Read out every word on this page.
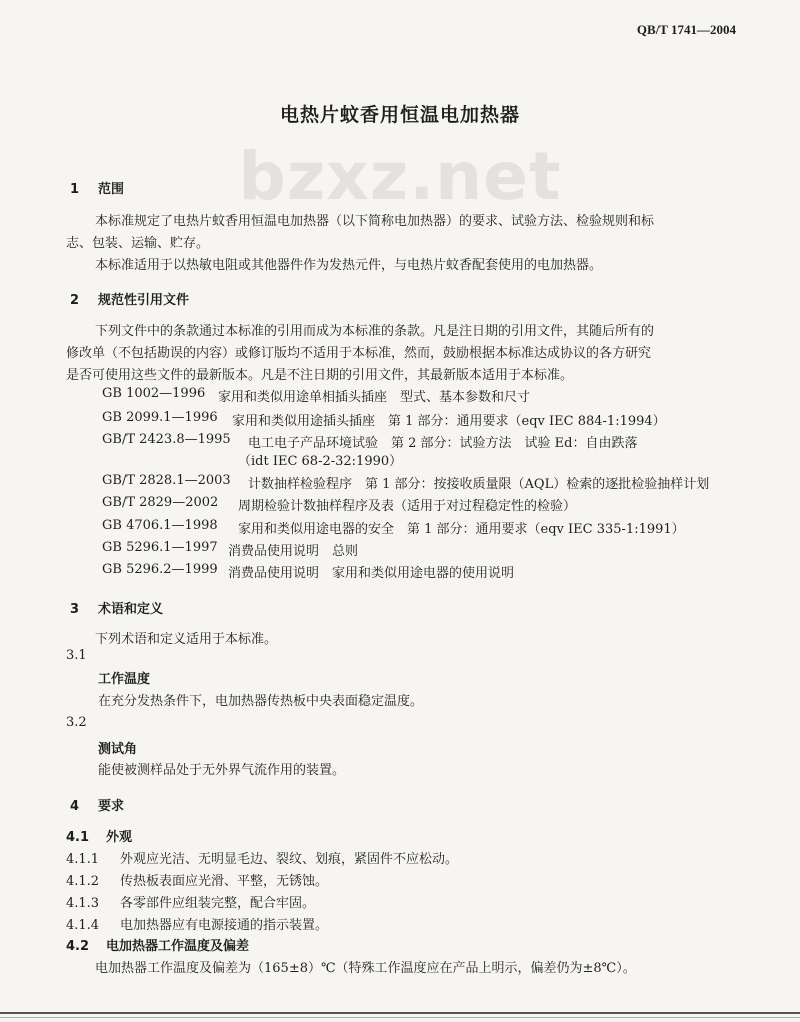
QB/T 1741—2004
bzxz.net
电热片蚊香用恒温电加热器
1 范围
本标准规定了电热片蚊香用恒温电加热器（以下简称电加热器）的要求、试验方法、检验规则和标
志、包装、运输、贮存。
本标准适用于以热敏电阻或其他器件作为发热元件，与电热片蚊香配套使用的电加热器。
2 规范性引用文件
下列文件中的条款通过本标准的引用而成为本标准的条款。凡是注日期的引用文件，其随后所有的
修改单（不包括勘误的内容）或修订版均不适用于本标准，然而，鼓励根据本标准达成协议的各方研究
是否可使用这些文件的最新版本。凡是不注日期的引用文件，其最新版本适用于本标准。
GB 1002—1996 家用和类似用途单相插头插座　型式、基本参数和尺寸
GB 2099.1—1996	家用和类似用途插头插座　第 1 部分：通用要求（eqv IEC 884-1:1994）
GB/T 2423.8—1995	电工电子产品环境试验　第 2 部分：试验方法　试验 Ed：自由跌落
（idt IEC 68-2-32:1990）
GB/T 2828.1—2003	计数抽样检验程序　第 1 部分：按接收质量限（AQL）检索的逐批检验抽样计划
GB/T 2829—2002	周期检验计数抽样程序及表（适用于对过程稳定性的检验）
GB 4706.1—1998	家用和类似用途电器的安全　第 1 部分：通用要求（eqv IEC 335-1:1991）
GB 5296.1—1997 消费品使用说明　总则
GB 5296.2—1999 消费品使用说明　家用和类似用途电器的使用说明
3 术语和定义
下列术语和定义适用于本标准。
3.1
工作温度
在充分发热条件下，电加热器传热板中央表面稳定温度。
3.2
测试角
能使被测样品处于无外界气流作用的装置。
4 要求
4.1 外观
4.1.1 外观应光洁、无明显毛边、裂纹、划痕，紧固件不应松动。
4.1.2 传热板表面应光滑、平整，无锈蚀。
4.1.3 各零部件应组装完整，配合牢固。
4.1.4 电加热器应有电源接通的指示装置。
4.2 电加热器工作温度及偏差
电加热器工作温度及偏差为（165±8）℃（特殊工作温度应在产品上明示，偏差仍为±8℃）。
